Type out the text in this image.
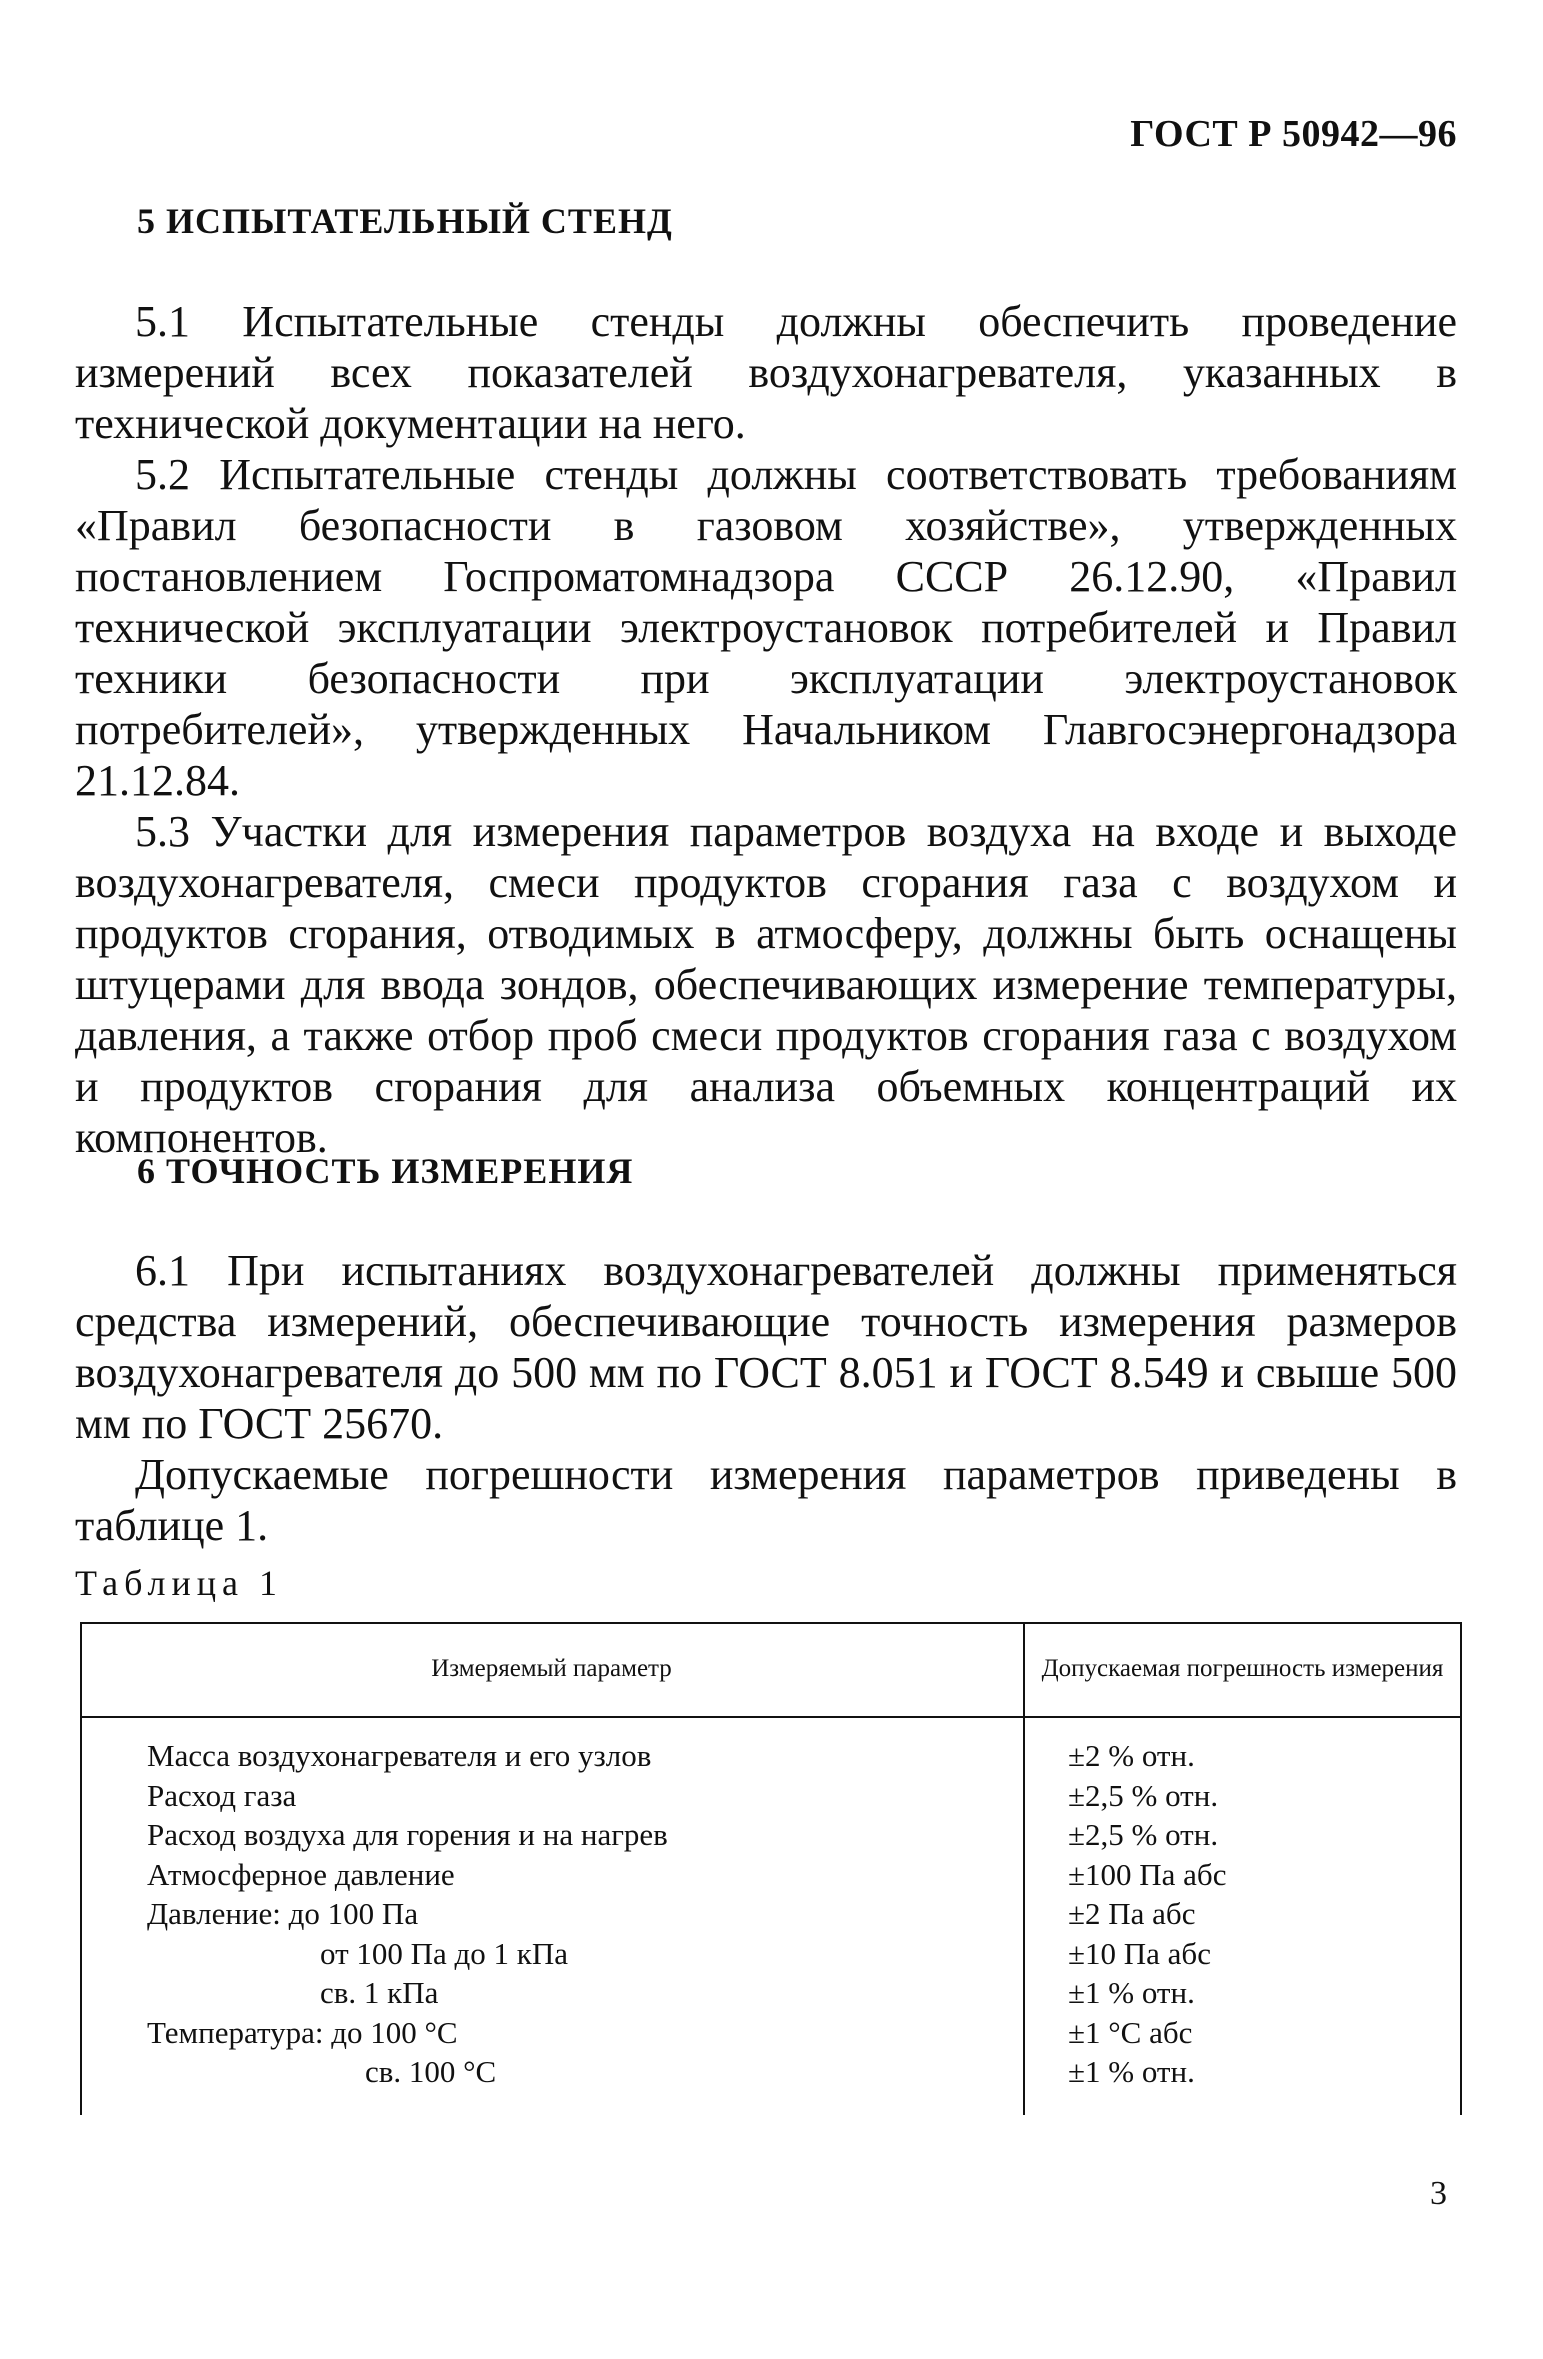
ГОСТ Р 50942—96
5 ИСПЫТАТЕЛЬНЫЙ СТЕНД

5.1 Испытательные стенды должны обеспечить проведение измерений всех показателей воздухонагревателя, указанных в технической документации на него.

5.2 Испытательные стенды должны соответствовать требованиям «Правил безопасности в газовом хозяйстве», утвержденных постановлением Госпроматомнадзора СССР 26.12.90, «Правил технической эксплуатации электроустановок потребителей и Правил техники безопасности при эксплуатации электроустановок потребителей», утвержденных Начальником Главгосэнергонадзора 21.12.84.

5.3 Участки для измерения параметров воздуха на входе и выходе воздухонагревателя, смеси продуктов сгорания газа с воздухом и продуктов сгорания, отводимых в атмосферу, должны быть оснащены штуцерами для ввода зондов, обеспечивающих измерение температуры, давления, а также отбор проб смеси продуктов сгорания газа с воздухом и продуктов сгорания для анализа объемных концентраций их компонентов.

6 ТОЧНОСТЬ ИЗМЕРЕНИЯ

6.1 При испытаниях воздухонагревателей должны применяться средства измерений, обеспечивающие точность измерения размеров воздухонагревателя до 500 мм по ГОСТ 8.051 и ГОСТ 8.549 и свыше 500 мм по ГОСТ 25670.

Допускаемые погрешности измерения параметров приведены в таблице 1.

Таблица 1
Измеряемый параметр	Допускаемая погрешность измерения
Масса воздухонагревателя и его узлов	±2 % отн.
Расход газа	±2,5 % отн.
Расход воздуха для горения и на нагрев	±2,5 % отн.
Атмосферное давление	±100 Па абс
Давление: до 100 Па	±2 Па абс
от 100 Па до 1 кПа	±10 Па абс
св. 1 кПа	±1 % отн.
Температура: до 100 °С	±1 °С абс
св. 100 °С	±1 % отн.
3
